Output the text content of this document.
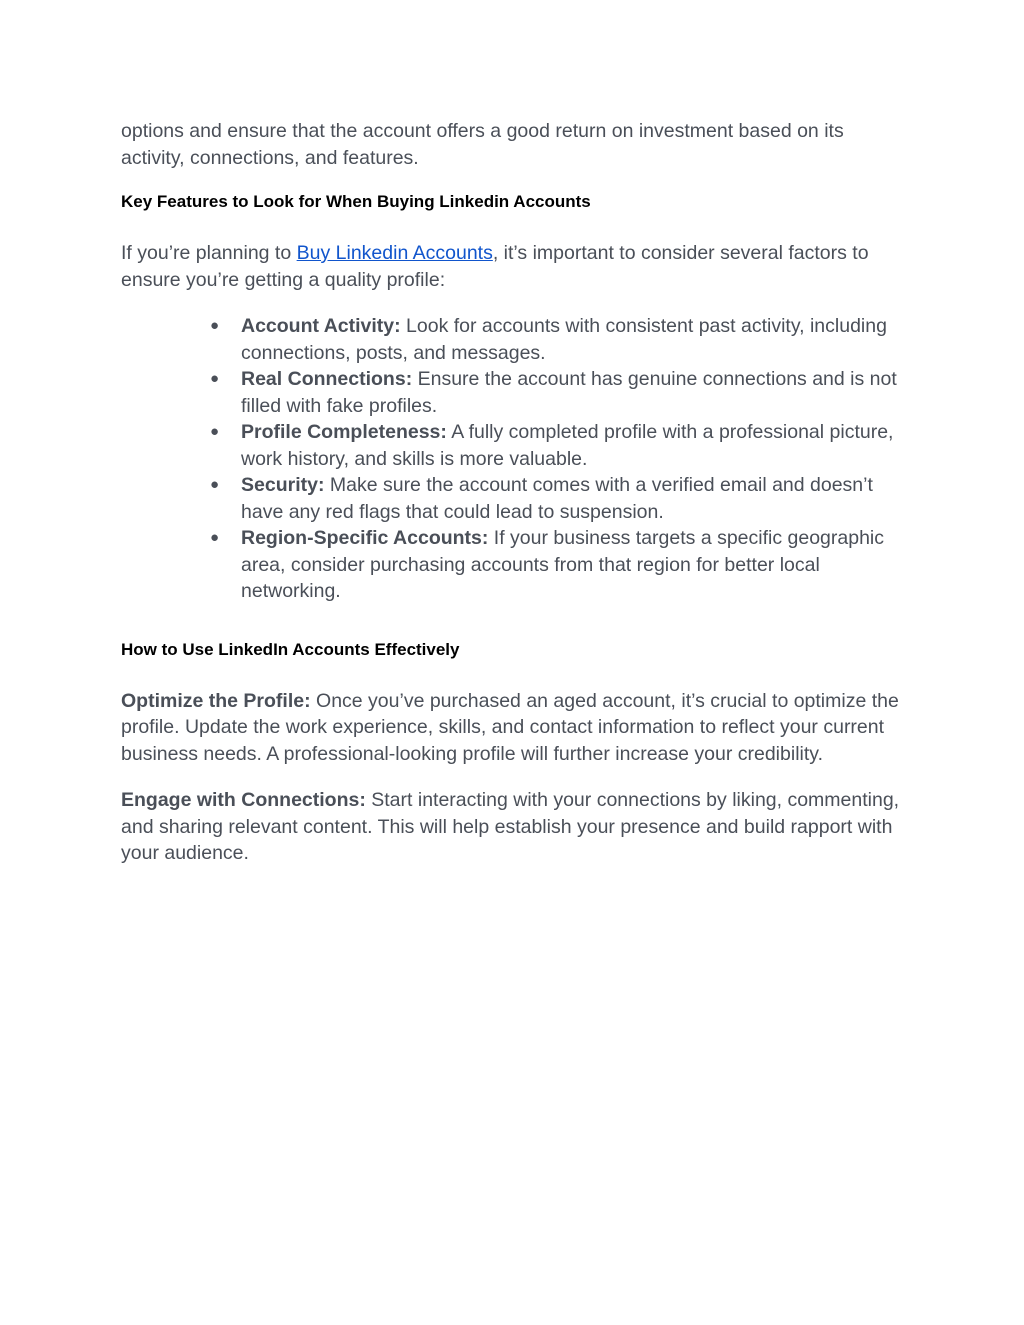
options and ensure that the account offers a good return on investment based on its activity, connections, and features.

Key Features to Look for When Buying Linkedin Accounts

If you’re planning to Buy Linkedin Accounts, it’s important to consider several factors to ensure you’re getting a quality profile:

● Account Activity: Look for accounts with consistent past activity, including connections, posts, and messages.
● Real Connections: Ensure the account has genuine connections and is not filled with fake profiles.
● Profile Completeness: A fully completed profile with a professional picture, work history, and skills is more valuable.
● Security: Make sure the account comes with a verified email and doesn’t have any red flags that could lead to suspension.
● Region-Specific Accounts: If your business targets a specific geographic area, consider purchasing accounts from that region for better local networking.
How to Use LinkedIn Accounts Effectively

Optimize the Profile: Once you’ve purchased an aged account, it’s crucial to optimize the profile. Update the work experience, skills, and contact information to reflect your current business needs. A professional-looking profile will further increase your credibility.

Engage with Connections: Start interacting with your connections by liking, commenting, and sharing relevant content. This will help establish your presence and build rapport with your audience.
